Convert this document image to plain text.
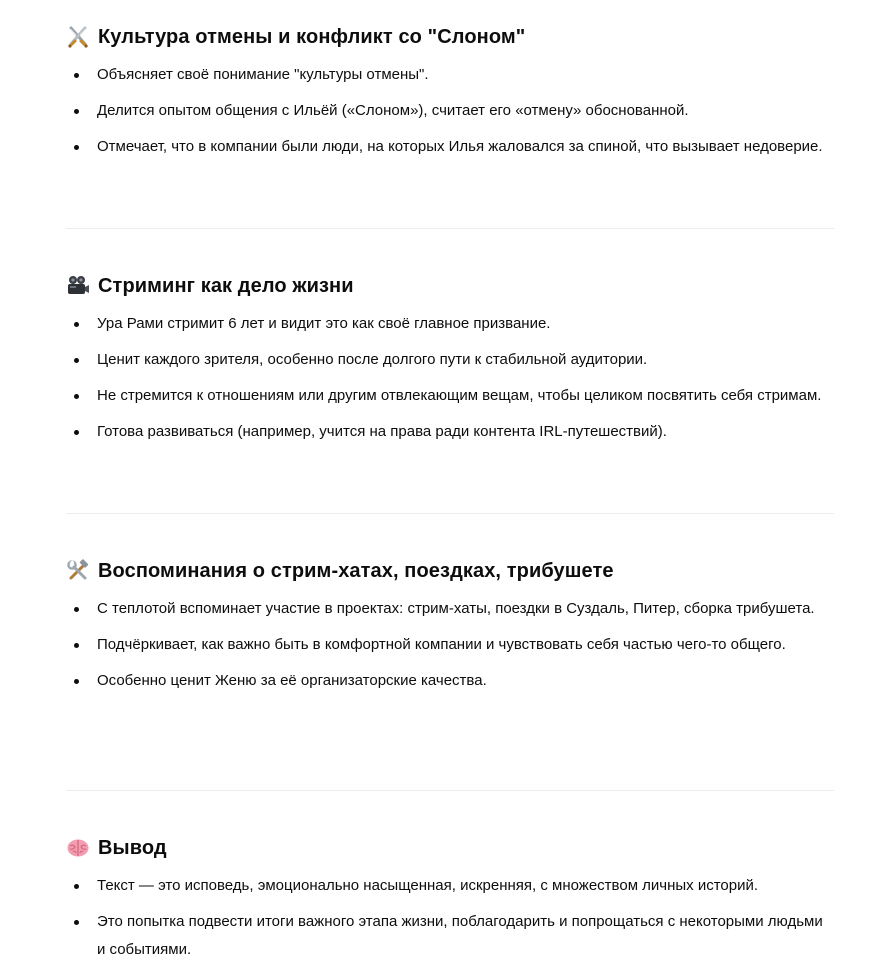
Культура отмены и конфликт со "Слоном"
Объясняет своё понимание "культуры отмены".
Делится опытом общения с Ильёй («Слоном»), считает его «отмену» обоснованной.
Отмечает, что в компании были люди, на которых Илья жаловался за спиной, что вызывает недоверие.
Стриминг как дело жизни
Ура Рами стримит 6 лет и видит это как своё главное призвание.
Ценит каждого зрителя, особенно после долгого пути к стабильной аудитории.
Не стремится к отношениям или другим отвлекающим вещам, чтобы целиком посвятить себя стримам.
Готова развиваться (например, учится на права ради контента IRL-путешествий).
Воспоминания о стрим-хатах, поездках, трибушете
С теплотой вспоминает участие в проектах: стрим-хаты, поездки в Суздаль, Питер, сборка трибушета.
Подчёркивает, как важно быть в комфортной компании и чувствовать себя частью чего-то общего.
Особенно ценит Женю за её организаторские качества.
Вывод
Текст — это исповедь, эмоционально насыщенная, искренняя, с множеством личных историй.
Это попытка подвести итоги важного этапа жизни, поблагодарить и попрощаться с некоторыми людьми и событиями.
